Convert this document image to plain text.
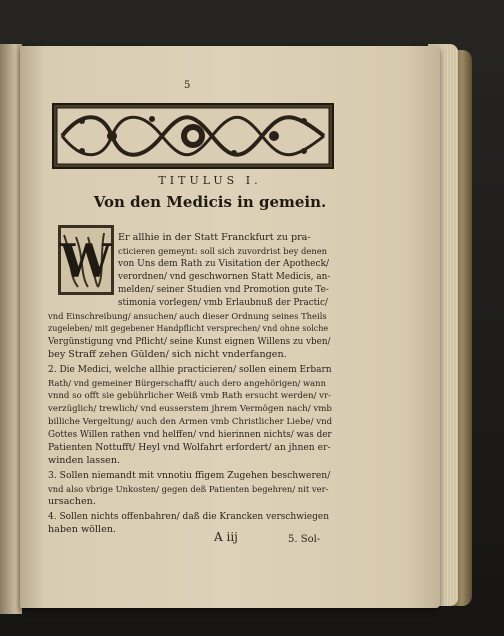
5
TITULUS I.
Von den Medicis in gemein.
W Er allhie in der Statt Franckfurt zu pra-
cticieren gemeynt: soll sich zuvordrist bey denen
von Uns dem Rath zu Visitation der Apotheck/
verordnen/ vnd geschwornen Statt Medicis, an-
melden/ seiner Studien vnd Promotion gute Te-
stimonia vorlegen/ vmb Erlaubnuß der Practic/
vnd Einschreibung/ ansuchen/ auch dieser Ordnung seines Theils
zugeleben/ mit gegebener Handpflicht versprechen/ vnd ohne solche
Vergünstigung vnd Pflicht/ seine Kunst eignen Willens zu vben/
bey Straff zehen Gülden/ sich nicht vnderfangen.
2. Die Medici, welche allhie practicieren/ sollen einem Erbarn
Rath/ vnd gemeiner Bürgerschafft/ auch dero angehörigen/ wann
vnnd so offt sie gebührlicher Weiß vmb Rath ersucht werden/ vr-
verzüglich/ trewlich/ vnd eusserstem jhrem Vermögen nach/ vmb
billiche Vergeltung/ auch den Armen vmb Christlicher Liebe/ vnd
Gottes Willen rathen vnd helffen/ vnd hierinnen nichts/ was der
Patienten Nottufft/ Heyl vnd Wolfahrt erfordert/ an jhnen er-
winden lassen.
3. Sollen niemandt mit vnnotiu ffigem Zugehen beschweren/
vnd also vbrige Unkosten/ gegen deß Patienten begehren/ nit ver-
ursachen.
4. Sollen nichts offenbahren/ daß die Krancken verschwiegen
haben wöllen.
A iij	5. Sol-
